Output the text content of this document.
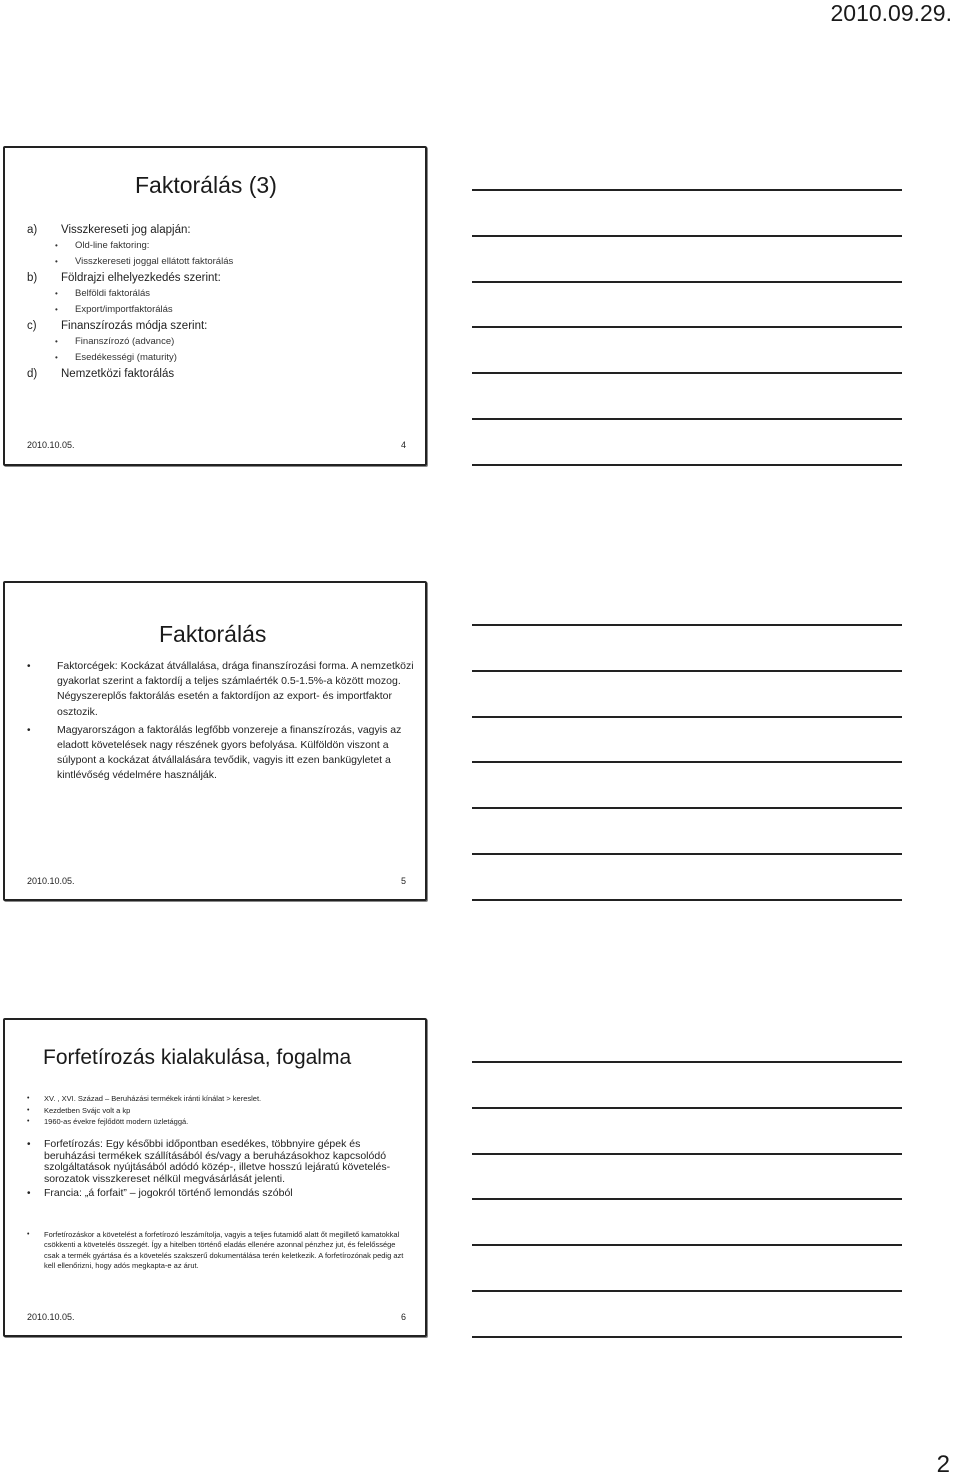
2010.09.29.
Faktorálás (3)
a) Visszkereseti jog alapján:
• Old-line faktoring:
• Visszkereseti joggal ellátott faktorálás
b) Földrajzi elhelyezkedés szerint:
• Belföldi faktorálás
• Export/importfaktorálás
c) Finanszírozás módja szerint:
• Finanszírozó (advance)
• Esedékességi (maturity)
d) Nemzetközi faktorálás
2010.10.05.	4
Faktorálás
• Faktorcégek: Kockázat átvállalása, drága finanszírozási forma. A nemzetközi gyakorlat szerint a faktordíj a teljes számlaérték 0.5-1.5%-a között mozog. Négyszereplős faktorálás esetén a faktordíjon az export- és importfaktor osztozik.
• Magyarországon a faktorálás legfőbb vonzereje a finanszírozás, vagyis az eladott követelések nagy részének gyors befolyása. Külföldön viszont a súlypont a kockázat átvállalására tevődik, vagyis itt ezen bankügyletet a kintlévőség védelmére használják.
2010.10.05.	5
Forfetírozás kialakulása, fogalma
• XV. , XVI. Század – Beruházási termékek iránti kínálat > kereslet.
• Kezdetben Svájc volt a kp
• 1960-as évekre fejlődött modern üzletággá.
• Forfetírozás: Egy későbbi időpontban esedékes, többnyire gépek és beruházási termékek szállításából és/vagy a beruházásokhoz kapcsolódó szolgáltatások nyújtásából adódó közép-, illetve hosszú lejáratú követeléssorozatok visszkereset nélkül megvásárlását jelenti.
• Francia: „á forfait” – jogokról történő lemondás szóból
• Forfetírozáskor a követelést a forfetírozó leszámítolja, vagyis a teljes futamidő alatt őt megillető kamatokkal csökkenti a követelés összegét. Így a hitelben történő eladás ellenére azonnal pénzhez jut, és felelőssége csak a termék gyártása és a követelés szakszerű dokumentálása terén keletkezik. A forfetírozónak pedig azt kell ellenőrizni, hogy adós megkapta-e az árut.
2010.10.05.	6
2
